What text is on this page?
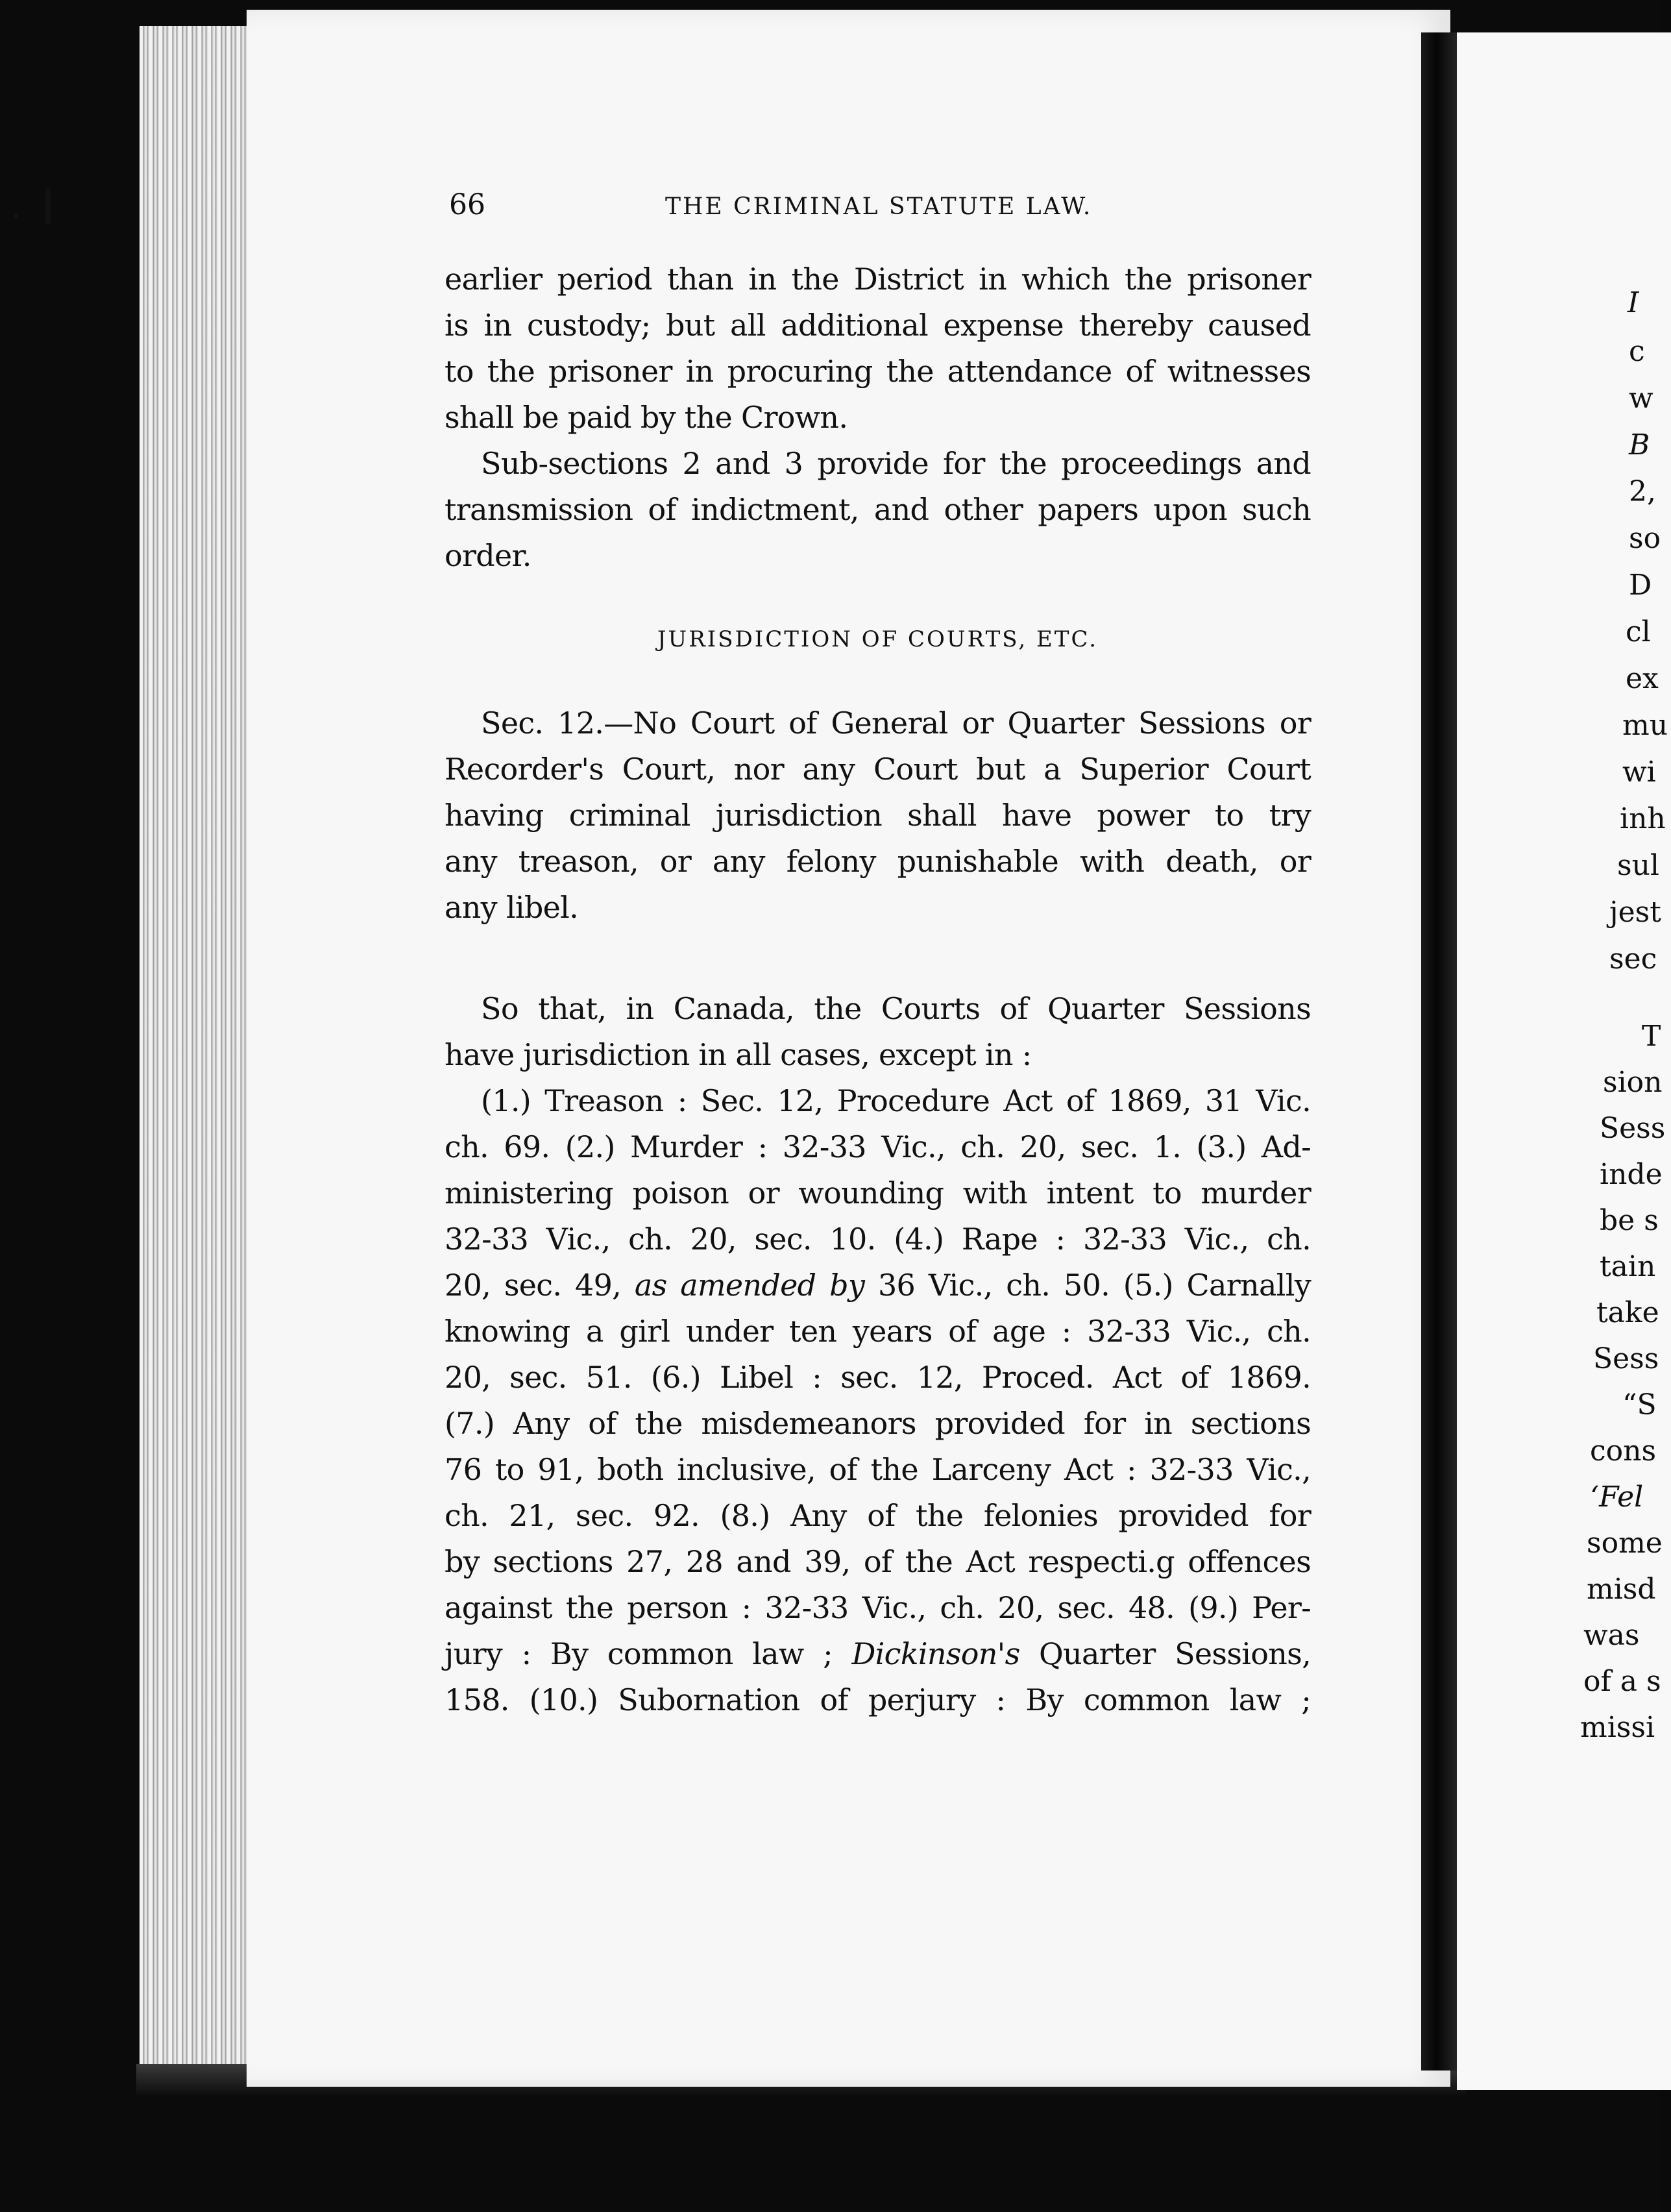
66	THE CRIMINAL STATUTE LAW.
earlier period than in the District in which the prisoner
is in custody; but all additional expense thereby caused
to the prisoner in procuring the attendance of witnesses
shall be paid by the Crown.
Sub-sections 2 and 3 provide for the proceedings and
transmission of indictment, and other papers upon such
order.
JURISDICTION OF COURTS, ETC.
Sec. 12.—No Court of General or Quarter Sessions or
Recorder's Court, nor any Court but a Superior Court
having criminal jurisdiction shall have power to try
any treason, or any felony punishable with death, or
any libel.
So that, in Canada, the Courts of Quarter Sessions
have jurisdiction in all cases, except in :
(1.) Treason : Sec. 12, Procedure Act of 1869, 31 Vic.
ch. 69. (2.) Murder : 32-33 Vic., ch. 20, sec. 1. (3.) Ad-
ministering poison or wounding with intent to murder
32-33 Vic., ch. 20, sec. 10. (4.) Rape : 32-33 Vic., ch.
20, sec. 49, as amended by 36 Vic., ch. 50. (5.) Carnally
knowing a girl under ten years of age : 32-33 Vic., ch.
20, sec. 51. (6.) Libel : sec. 12, Proced. Act of 1869.
(7.) Any of the misdemeanors provided for in sections
76 to 91, both inclusive, of the Larceny Act : 32-33 Vic.,
ch. 21, sec. 92. (8.) Any of the felonies provided for
by sections 27, 28 and 39, of the Act respecti.g offences
against the person : 32-33 Vic., ch. 20, sec. 48. (9.) Per-
jury : By common law ; Dickinson's Quarter Sessions,
158. (10.) Subornation of perjury : By common law ;
I
c
w
B
2,
so
D
cl
ex
mu
wi
inh
sul
jest
sec
T
sion
Sess
inde
be s
tain
take
Sess
“S
cons
‘Fel
some
misd
was
of a s
missi
